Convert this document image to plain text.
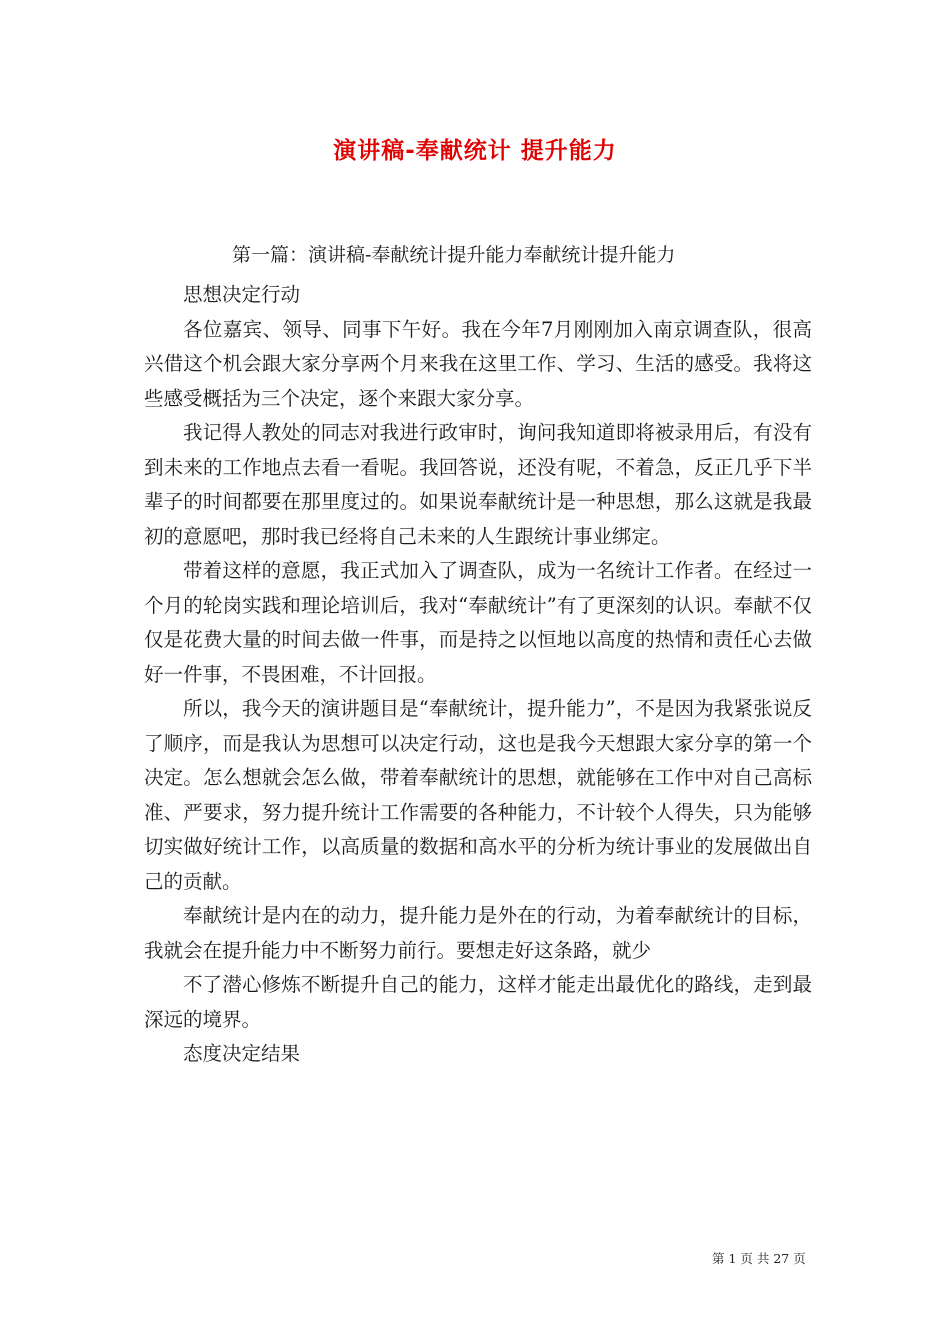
演讲稿-奉献统计 提升能力

第一篇：演讲稿-奉献统计提升能力奉献统计提升能力

思想决定行动

各位嘉宾、领导、同事下午好。我在今年7月刚刚加入南京调查队，很高兴借这个机会跟大家分享两个月来我在这里工作、学习、生活的感受。我将这些感受概括为三个决定，逐个来跟大家分享。

我记得人教处的同志对我进行政审时，询问我知道即将被录用后，有没有到未来的工作地点去看一看呢。我回答说，还没有呢，不着急，反正几乎下半辈子的时间都要在那里度过的。如果说奉献统计是一种思想，那么这就是我最初的意愿吧，那时我已经将自己未来的人生跟统计事业绑定。

带着这样的意愿，我正式加入了调查队，成为一名统计工作者。在经过一个月的轮岗实践和理论培训后，我对“奉献统计”有了更深刻的认识。奉献不仅仅是花费大量的时间去做一件事，而是持之以恒地以高度的热情和责任心去做好一件事，不畏困难，不计回报。

所以，我今天的演讲题目是“奉献统计，提升能力”，不是因为我紧张说反了顺序，而是我认为思想可以决定行动，这也是我今天想跟大家分享的第一个决定。怎么想就会怎么做，带着奉献统计的思想，就能够在工作中对自己高标准、严要求，努力提升统计工作需要的各种能力，不计较个人得失，只为能够切实做好统计工作，以高质量的数据和高水平的分析为统计事业的发展做出自己的贡献。

奉献统计是内在的动力，提升能力是外在的行动，为着奉献统计的目标，我就会在提升能力中不断努力前行。要想走好这条路，就少

不了潜心修炼不断提升自己的能力，这样才能走出最优化的路线，走到最深远的境界。

态度决定结果

第 1 页 共 27 页
